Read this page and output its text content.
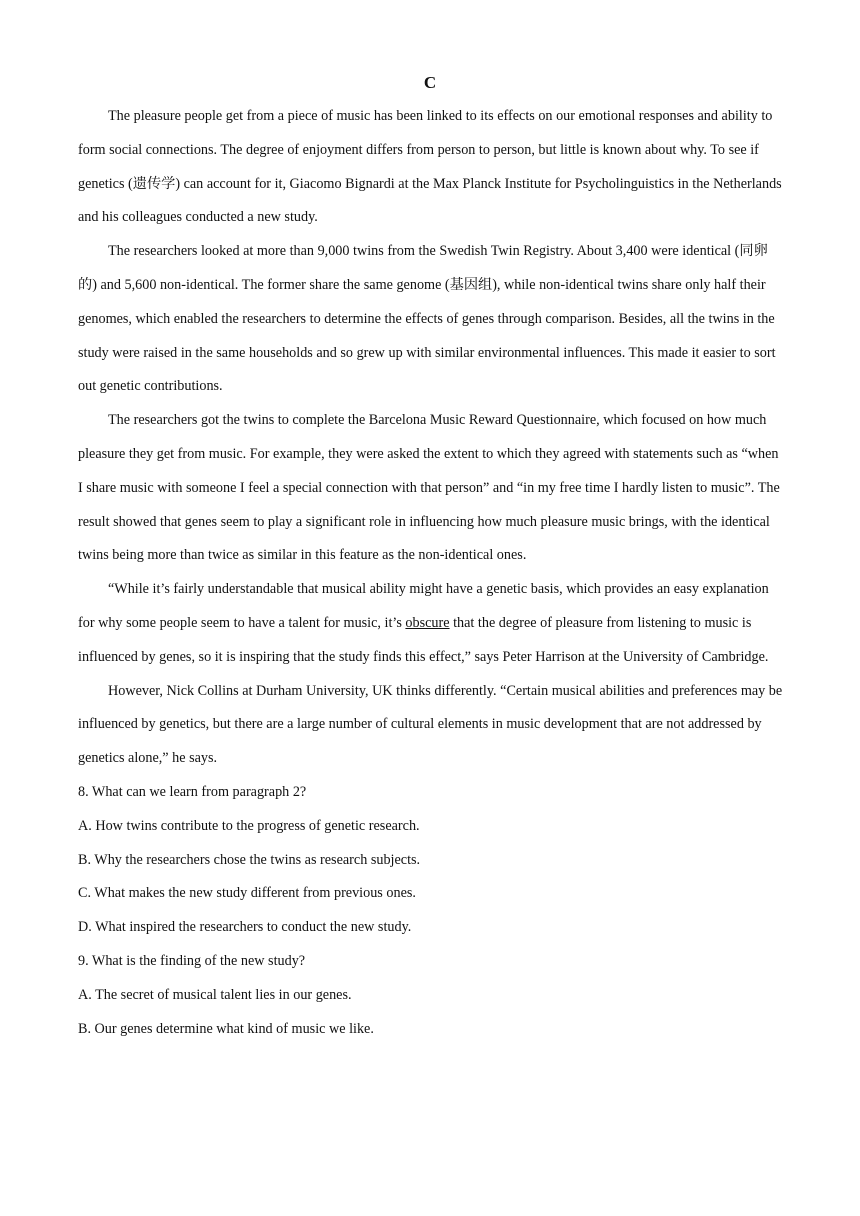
C

The pleasure people get from a piece of music has been linked to its effects on our emotional responses and ability to form social connections. The degree of enjoyment differs from person to person, but little is known about why. To see if genetics (遗传学) can account for it, Giacomo Bignardi at the Max Planck Institute for Psycholinguistics in the Netherlands and his colleagues conducted a new study.

The researchers looked at more than 9,000 twins from the Swedish Twin Registry. About 3,400 were identical (同卵的) and 5,600 non-identical. The former share the same genome (基因组), while non-identical twins share only half their genomes, which enabled the researchers to determine the effects of genes through comparison. Besides, all the twins in the study were raised in the same households and so grew up with similar environmental influences. This made it easier to sort out genetic contributions.

The researchers got the twins to complete the Barcelona Music Reward Questionnaire, which focused on how much pleasure they get from music. For example, they were asked the extent to which they agreed with statements such as “when I share music with someone I feel a special connection with that person” and “in my free time I hardly listen to music”. The result showed that genes seem to play a significant role in influencing how much pleasure music brings, with the identical twins being more than twice as similar in this feature as the non-identical ones.

“While it’s fairly understandable that musical ability might have a genetic basis, which provides an easy explanation for why some people seem to have a talent for music, it’s obscure that the degree of pleasure from listening to music is influenced by genes, so it is inspiring that the study finds this effect,” says Peter Harrison at the University of Cambridge.

However, Nick Collins at Durham University, UK thinks differently. “Certain musical abilities and preferences may be influenced by genetics, but there are a large number of cultural elements in music development that are not addressed by genetics alone,” he says.

8. What can we learn from paragraph 2?

A. How twins contribute to the progress of genetic research.

B. Why the researchers chose the twins as research subjects.

C. What makes the new study different from previous ones.

D. What inspired the researchers to conduct the new study.

9. What is the finding of the new study?

A. The secret of musical talent lies in our genes.

B. Our genes determine what kind of music we like.
